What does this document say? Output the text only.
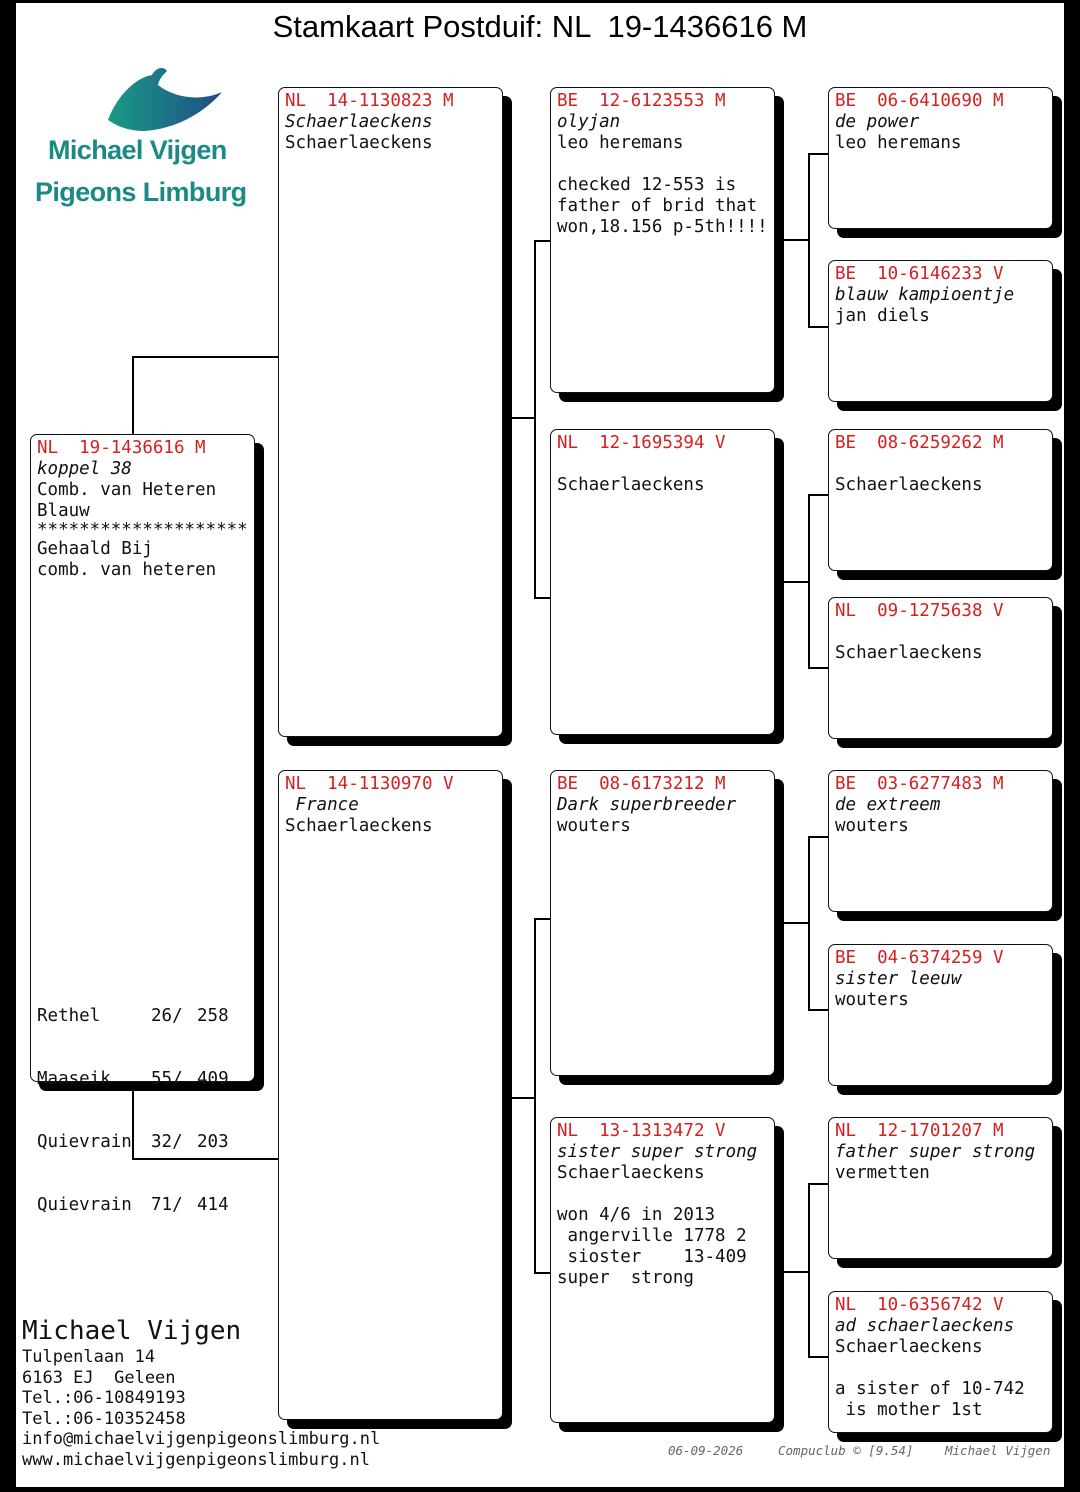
Stamkaart Postduif: NL  19-1436616 M
Michael Vijgen
Pigeons Limburg
NL  19-1436616 M
koppel 38
Comb. van Heteren
Blauw
********************
Gehaald Bij
comb. van heteren

Rethel	26/ 258

Maaseik 55/ 409

Quievrain 32/ 203

Quievrain 71/ 414

NL  14-1130823 M
Schaerlaeckens
Schaerlaeckens
NL  14-1130970 V
France
Schaerlaeckens
BE  12-6123553 M
olyjan
leo heremans
checked 12-553 is
father of brid that
won,18.156 p-5th!!!!
NL  12-1695394 V
Schaerlaeckens
BE  08-6173212 M
Dark superbreeder
wouters
NL  13-1313472 V
sister super strong
Schaerlaeckens
won 4/6 in 2013
angerville 1778 2
sioster    13-409
super  strong
BE  06-6410690 M
de power
leo heremans
BE  10-6146233 V
blauw kampioentje
jan diels
BE  08-6259262 M
Schaerlaeckens
NL  09-1275638 V
Schaerlaeckens
BE  03-6277483 M
de extreem
wouters
BE  04-6374259 V
sister leeuw
wouters
NL  12-1701207 M
father super strong
vermetten
NL  10-6356742 V
ad schaerlaeckens
Schaerlaeckens
a sister of 10-742
is mother 1st
Michael Vijgen
Tulpenlaan 14
6163 EJ  Geleen
Tel.:06-10849193
Tel.:06-10352458
info@michaelvijgenpigeonslimburg.nl
www.michaelvijgenpigeonslimburg.nl	06-09-2026	Compuclub © [9.54]	Michael Vijgen
